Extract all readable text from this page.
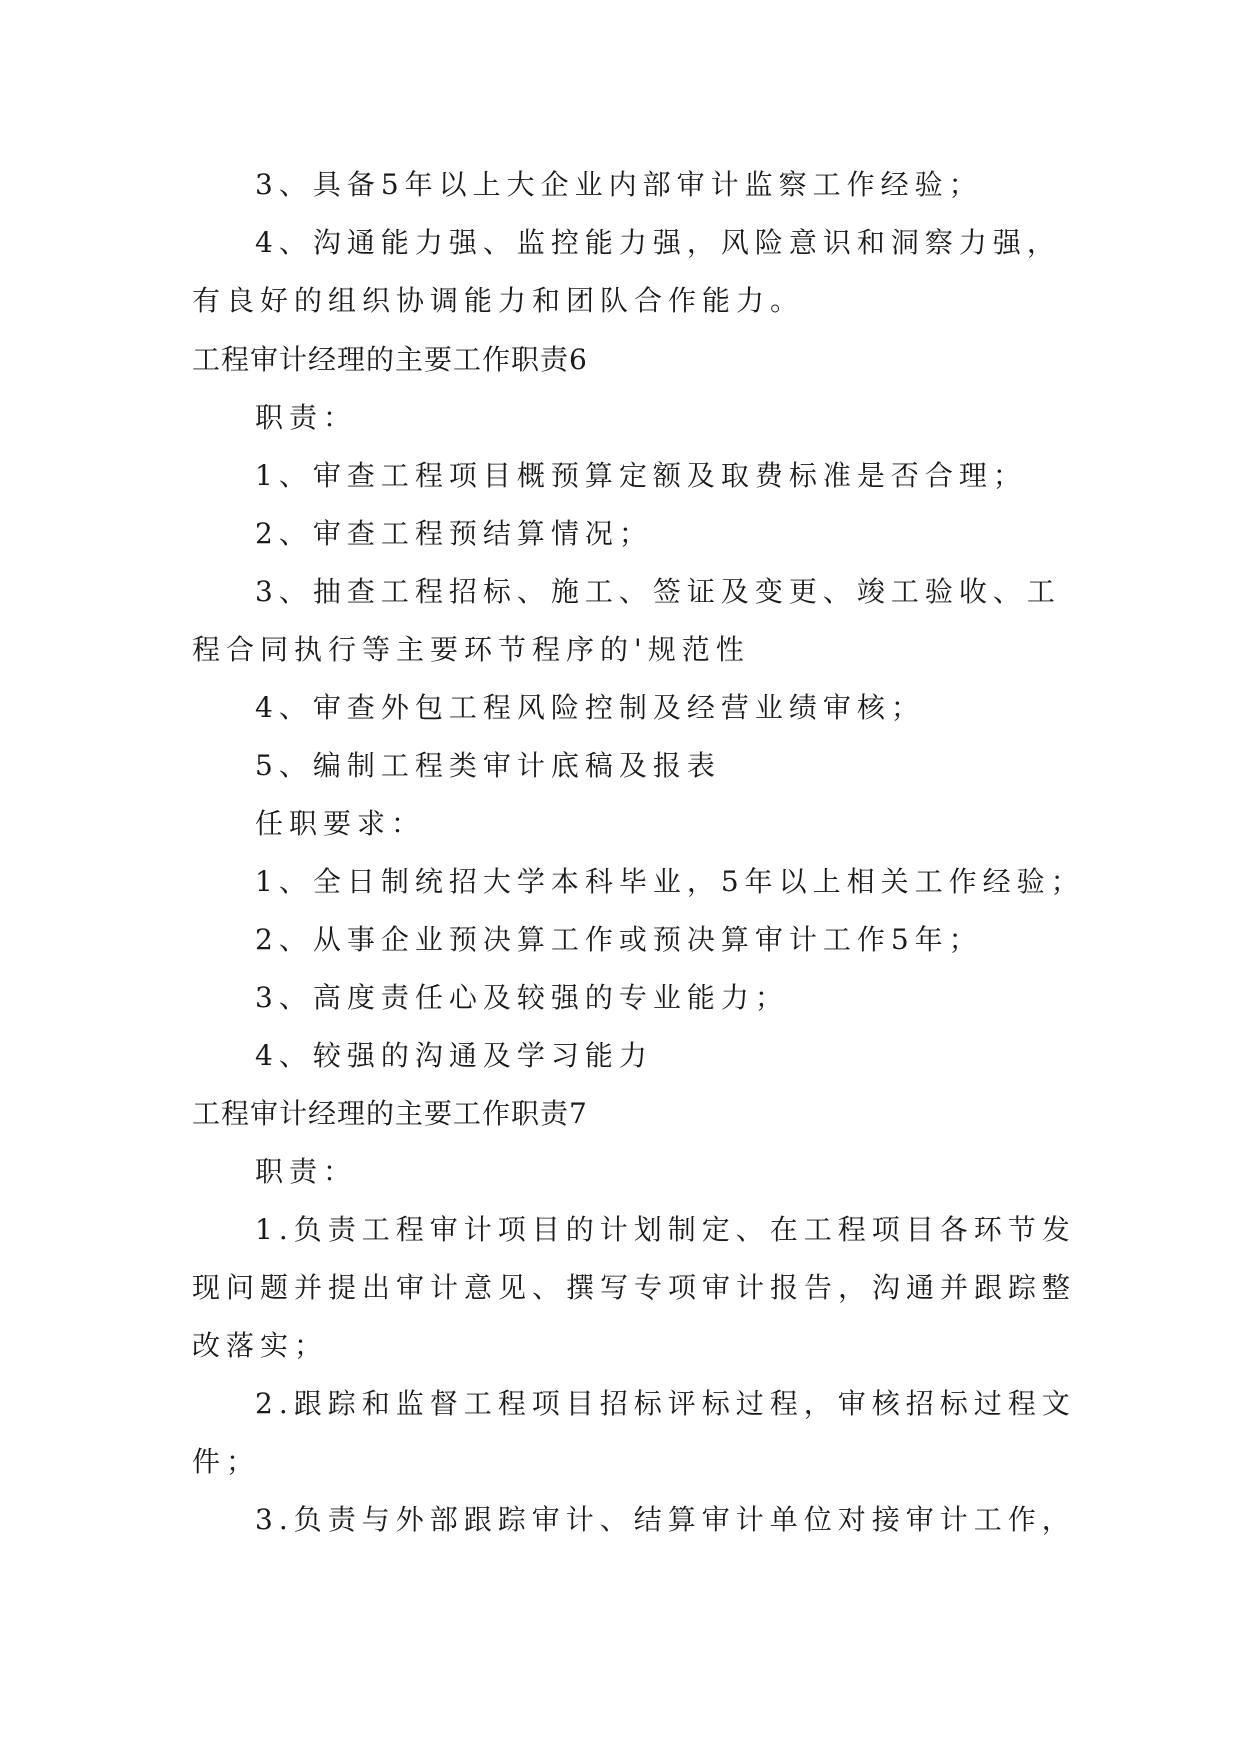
3、具备5年以上大企业内部审计监察工作经验；
4、沟通能力强、监控能力强，风险意识和洞察力强，
有良好的组织协调能力和团队合作能力。
工程审计经理的主要工作职责6
职责：
1、审查工程项目概预算定额及取费标准是否合理；
2、审查工程预结算情况；
3、抽查工程招标、施工、签证及变更、竣工验收、工
程合同执行等主要环节程序的'规范性
4、审查外包工程风险控制及经营业绩审核；
5、编制工程类审计底稿及报表
任职要求：
1、全日制统招大学本科毕业，5年以上相关工作经验；
2、从事企业预决算工作或预决算审计工作5年；
3、高度责任心及较强的专业能力；
4、较强的沟通及学习能力
工程审计经理的主要工作职责7
职责：
1.负责工程审计项目的计划制定、在工程项目各环节发
现问题并提出审计意见、撰写专项审计报告，沟通并跟踪整
改落实；
2.跟踪和监督工程项目招标评标过程，审核招标过程文
件；
3.负责与外部跟踪审计、结算审计单位对接审计工作，
